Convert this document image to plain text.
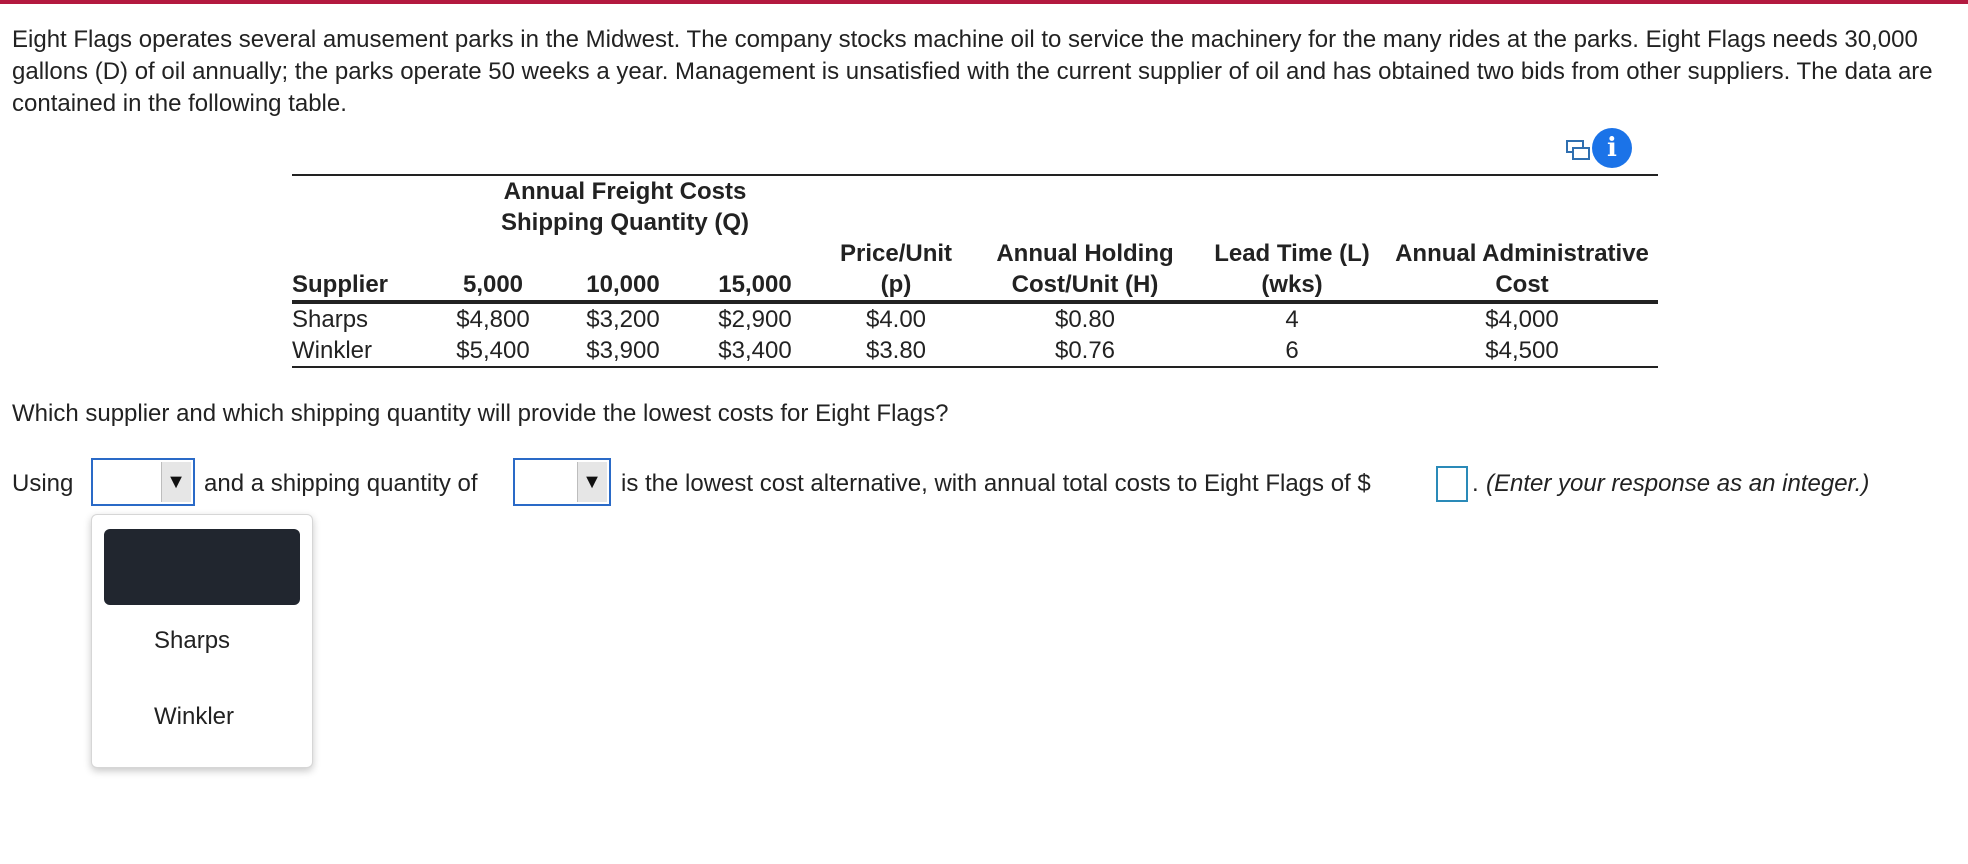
Eight Flags operates several amusement parks in the Midwest. The company stocks machine oil to service the machinery for the many rides at the parks. Eight Flags needs 30,000 gallons (D) of oil annually; the parks operate 50 weeks a year. Management is unsatisfied with the current supplier of oil and has obtained two bids from other suppliers. The data are contained in the following table.

i

	Annual Freight Costs
Shipping Quantity (Q)						

				Price/Unit	Annual Holding	Lead Time (L)	Annual Administrative
Supplier	5,000	10,000	15,000	(p)	Cost/Unit (H)	(wks)	Cost
Sharps	$4,800	$3,200	$2,900	$4.00	$0.80	4	$4,000
Winkler	$5,400	$3,900	$3,400	$3.80	$0.76	6	$4,500

Which supplier and which shipping quantity will provide the lowest costs for Eight Flags?

Using	▼ and a shipping quantity of	▼ is the lowest cost alternative, with annual total costs to Eight Flags of $	. (Enter your response as an integer.)
Sharps
Winkler
